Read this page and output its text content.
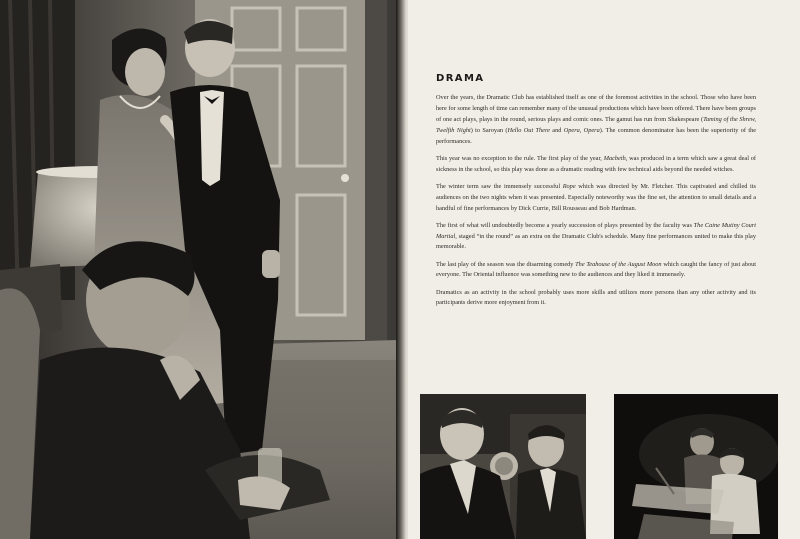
DRAMA

Over the years, the Dramatic Club has established itself as one of the foremost activities in the school. Those who have been here for some length of time can remember many of the unusual productions which have been offered. There have been groups of one act plays, plays in the round, serious plays and comic ones. The gamut has run from Shakespeare (Taming of the Shrew, Twelfth Night) to Saroyan (Hello Out There and Opera, Opera). The common denominator has been the superiority of the performances.

This year was no exception to the rule. The first play of the year, Macbeth, was produced in a term which saw a great deal of sickness in the school, so this play was done as a dramatic reading with few technical aids beyond the needed witches.

The winter term saw the immensely successful Rope which was directed by Mr. Fletcher. This captivated and chilled its audiences on the two nights when it was presented. Especially noteworthy was the fine set, the attention to small details and a handful of fine performances by Dick Currie, Bill Rousseau and Bob Hardman.

The first of what will undoubtedly become a yearly succession of plays presented by the faculty was The Caine Mutiny Court Martial, staged “in the round” as an extra on the Dramatic Club's schedule. Many fine performances united to make this play memorable.

The last play of the season was the disarming comedy The Teahouse of the August Moon which caught the fancy of just about everyone. The Oriental influence was something new to the audiences and they liked it immensely.

Dramatics as an activity in the school probably uses more skills and utilizes more persons than any other activity and its participants derive more enjoyment from it.
